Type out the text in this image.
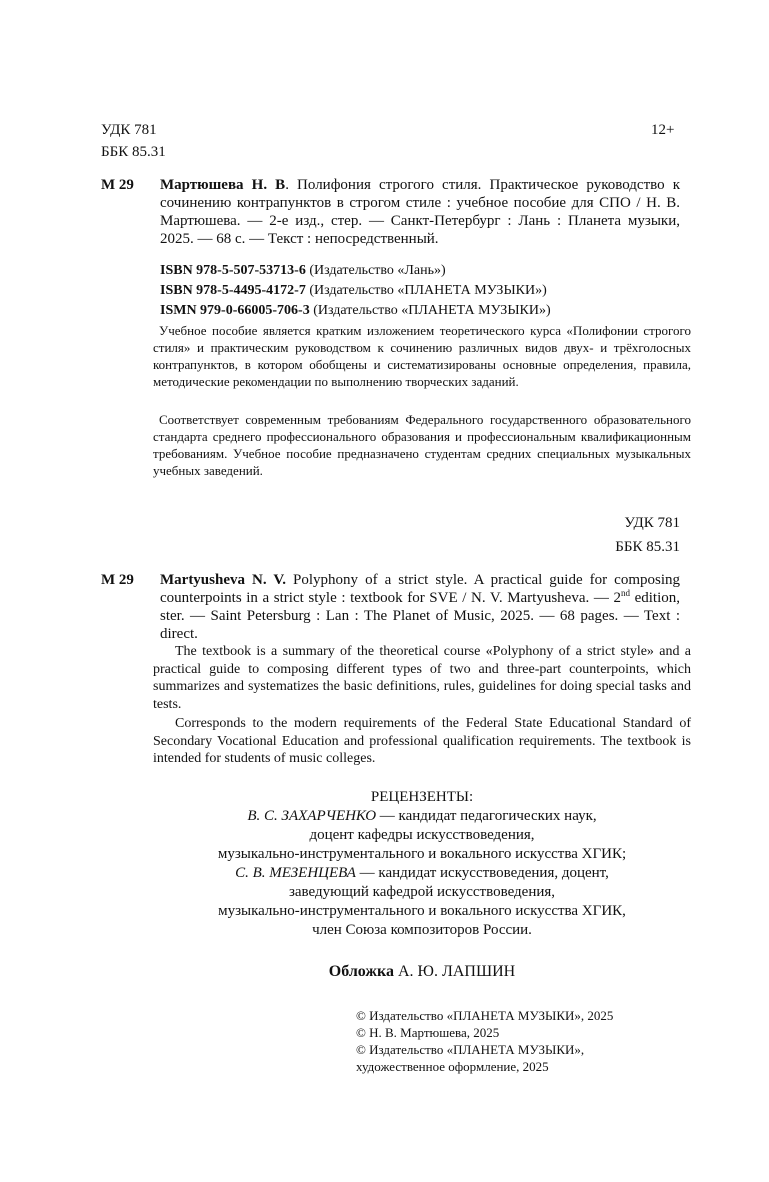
УДК 781
ББК 85.31
12+
М 29 Мартюшева Н. В. Полифония строгого стиля. Практическое руководство к сочинению контрапунктов в строгом стиле : учебное пособие для СПО / Н. В. Мартюшева. — 2-е изд., стер. — Санкт-Петербург : Лань : Планета музыки, 2025. — 68 с. — Текст : непосредственный.

ISBN 978-5-507-53713-6 (Издательство «Лань»)
ISBN 978-5-4495-4172-7 (Издательство «ПЛАНЕТА МУЗЫКИ»)
ISMN 979-0-66005-706-3 (Издательство «ПЛАНЕТА МУЗЫКИ»)

Учебное пособие является кратким изложением теоретического курса «Полифонии строгого стиля» и практическим руководством к сочинению различных видов двух- и трёхголосных контрапунктов, в котором обобщены и систематизированы основные определения, правила, методические рекомендации по выполнению творческих заданий.

Соответствует современным требованиям Федерального государственного образовательного стандарта среднего профессионального образования и профессиональным квалификационным требованиям. Учебное пособие предназначено студентам средних специальных музыкальных учебных заведений.

УДК 781
ББК 85.31
М 29 Martyusheva N. V. Polyphony of a strict style. A practical guide for composing counterpoints in a strict style : textbook for SVE / N. V. Martyusheva. — 2nd edition, ster. — Saint Petersburg : Lan : The Planet of Music, 2025. — 68 pages. — Text : direct.

The textbook is a summary of the theoretical course «Polyphony of a strict style» and a practical guide to composing different types of two and three-part counterpoints, which summarizes and systematizes the basic definitions, rules, guidelines for doing special tasks and tests.

Corresponds to the modern requirements of the Federal State Educational Standard of Secondary Vocational Education and professional qualification requirements. The textbook is intended for students of music colleges.

РЕЦЕНЗЕНТЫ:
В. С. ЗАХАРЧЕНКО — кандидат педагогических наук,
доцент кафедры искусствоведения,
музыкально-инструментального и вокального искусства ХГИК;
С. В. МЕЗЕНЦЕВА — кандидат искусствоведения, доцент,
заведующий кафедрой искусствоведения,
музыкально-инструментального и вокального искусства ХГИК,
член Союза композиторов России.
Обложка А. Ю. ЛАПШИН
© Издательство «ПЛАНЕТА МУЗЫКИ», 2025
© Н. В. Мартюшева, 2025
© Издательство «ПЛАНЕТА МУЗЫКИ»,
художественное оформление, 2025
